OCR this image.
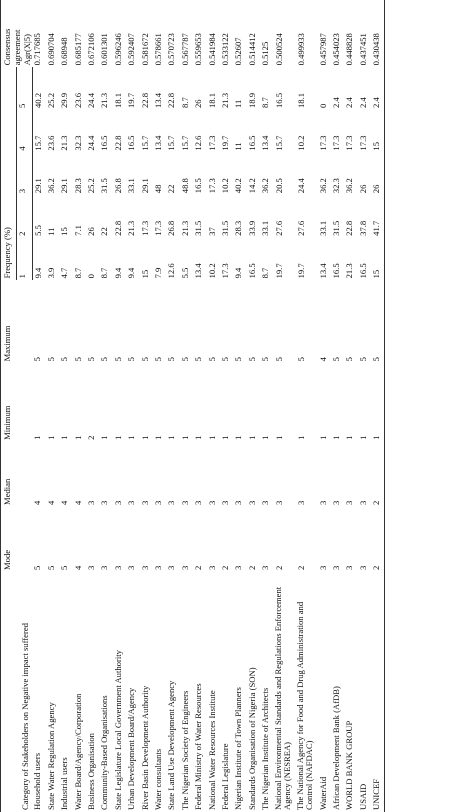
Category of Stakeholders on Negative impact suffered	Mode	Median	Minimum	Maximum	Frequency (%)					Consensus agreement Agr(X|5)
					1	2	3	4	5	
Household users	5	4	1	5	9.4	5.5	29.1	15.7	40.2	0.717685
State Water Regulation Agency	5	4	1	5	3.9	11	36.2	23.6	25.2	0.690704
Industrial users	5	4	1	5	4.7	15	29.1	21.3	29.9	0.68948
Water Board/Agency/Corporation	4	4	1	5	8.7	7.1	28.3	32.3	23.6	0.685177
Business Organisation	3	3	2	5	0	26	25.2	24.4	24.4	0.672106
Community-Based Organisations	3	3	1	5	8.7	22	31.5	16.5	21.3	0.601301
State Legislature Local Government Authority	3	3	1	5	9.4	22.8	26.8	22.8	18.1	0.596246
Urban Development Board/Agency	3	3	1	5	9.4	21.3	33.1	16.5	19.7	0.592407
River Basin Development Authority	3	3	1	5	15	17.3	29.1	15.7	22.8	0.581672
Water consultants	3	3	1	5	7.9	17.3	48	13.4	13.4	0.578661
State Land Use Development Agency	3	3	1	5	12.6	26.8	22	15.7	22.8	0.570723
The Nigerian Society of Engineers	3	3	1	5	5.5	21.3	48.8	15.7	8.7	0.567787
Federal Ministry of Water Resources	2	3	1	5	13.4	31.5	16.5	12.6	26	0.559653
National Water Resources Institute	3	3	1	5	10.2	37	17.3	17.3	18.1	0.541984
Federal Legislature	2	3	1	5	17.3	31.5	10.2	19.7	21.3	0.533122
Nigerian Institute of Town Planners	3	3	1	5	9.4	28.3	40.2	11	11	0.52607
Standards Organisation of Nigeria (SON)	2	3	1	5	16.5	33.9	14.2	16.5	18.9	0.514412
The Nigerian Institute of Architects	3	3	1	5	8.7	33.1	36.2	13.4	8.7	0.5125
National Environmental Standards and Regulations Enforcement Agency (NESREA)	2	3	1	5	19.7	27.6	20.5	15.7	16.5	0.500524
The National Agency for Food and Drug Administration and Control (NAFDAC)	2	3	1	5	19.7	27.6	24.4	10.2	18.1	0.499933
WaterAid	3	3	1	4	13.4	33.1	36.2	17.3	0	0.457987
African Development Bank (AfDB)	3	3	1	5	16.5	31.5	32.3	17.3	2.4	0.454023
WORLD BANK GROUP	3	3	1	5	21.3	22.8	36.2	17.3	2.4	0.448828
USAID	3	3	1	5	16.5	37.8	26	17.3	2.4	0.437451
UNICEF	2	2	1	5	15	41.7	26	15	2.4	0.430438
